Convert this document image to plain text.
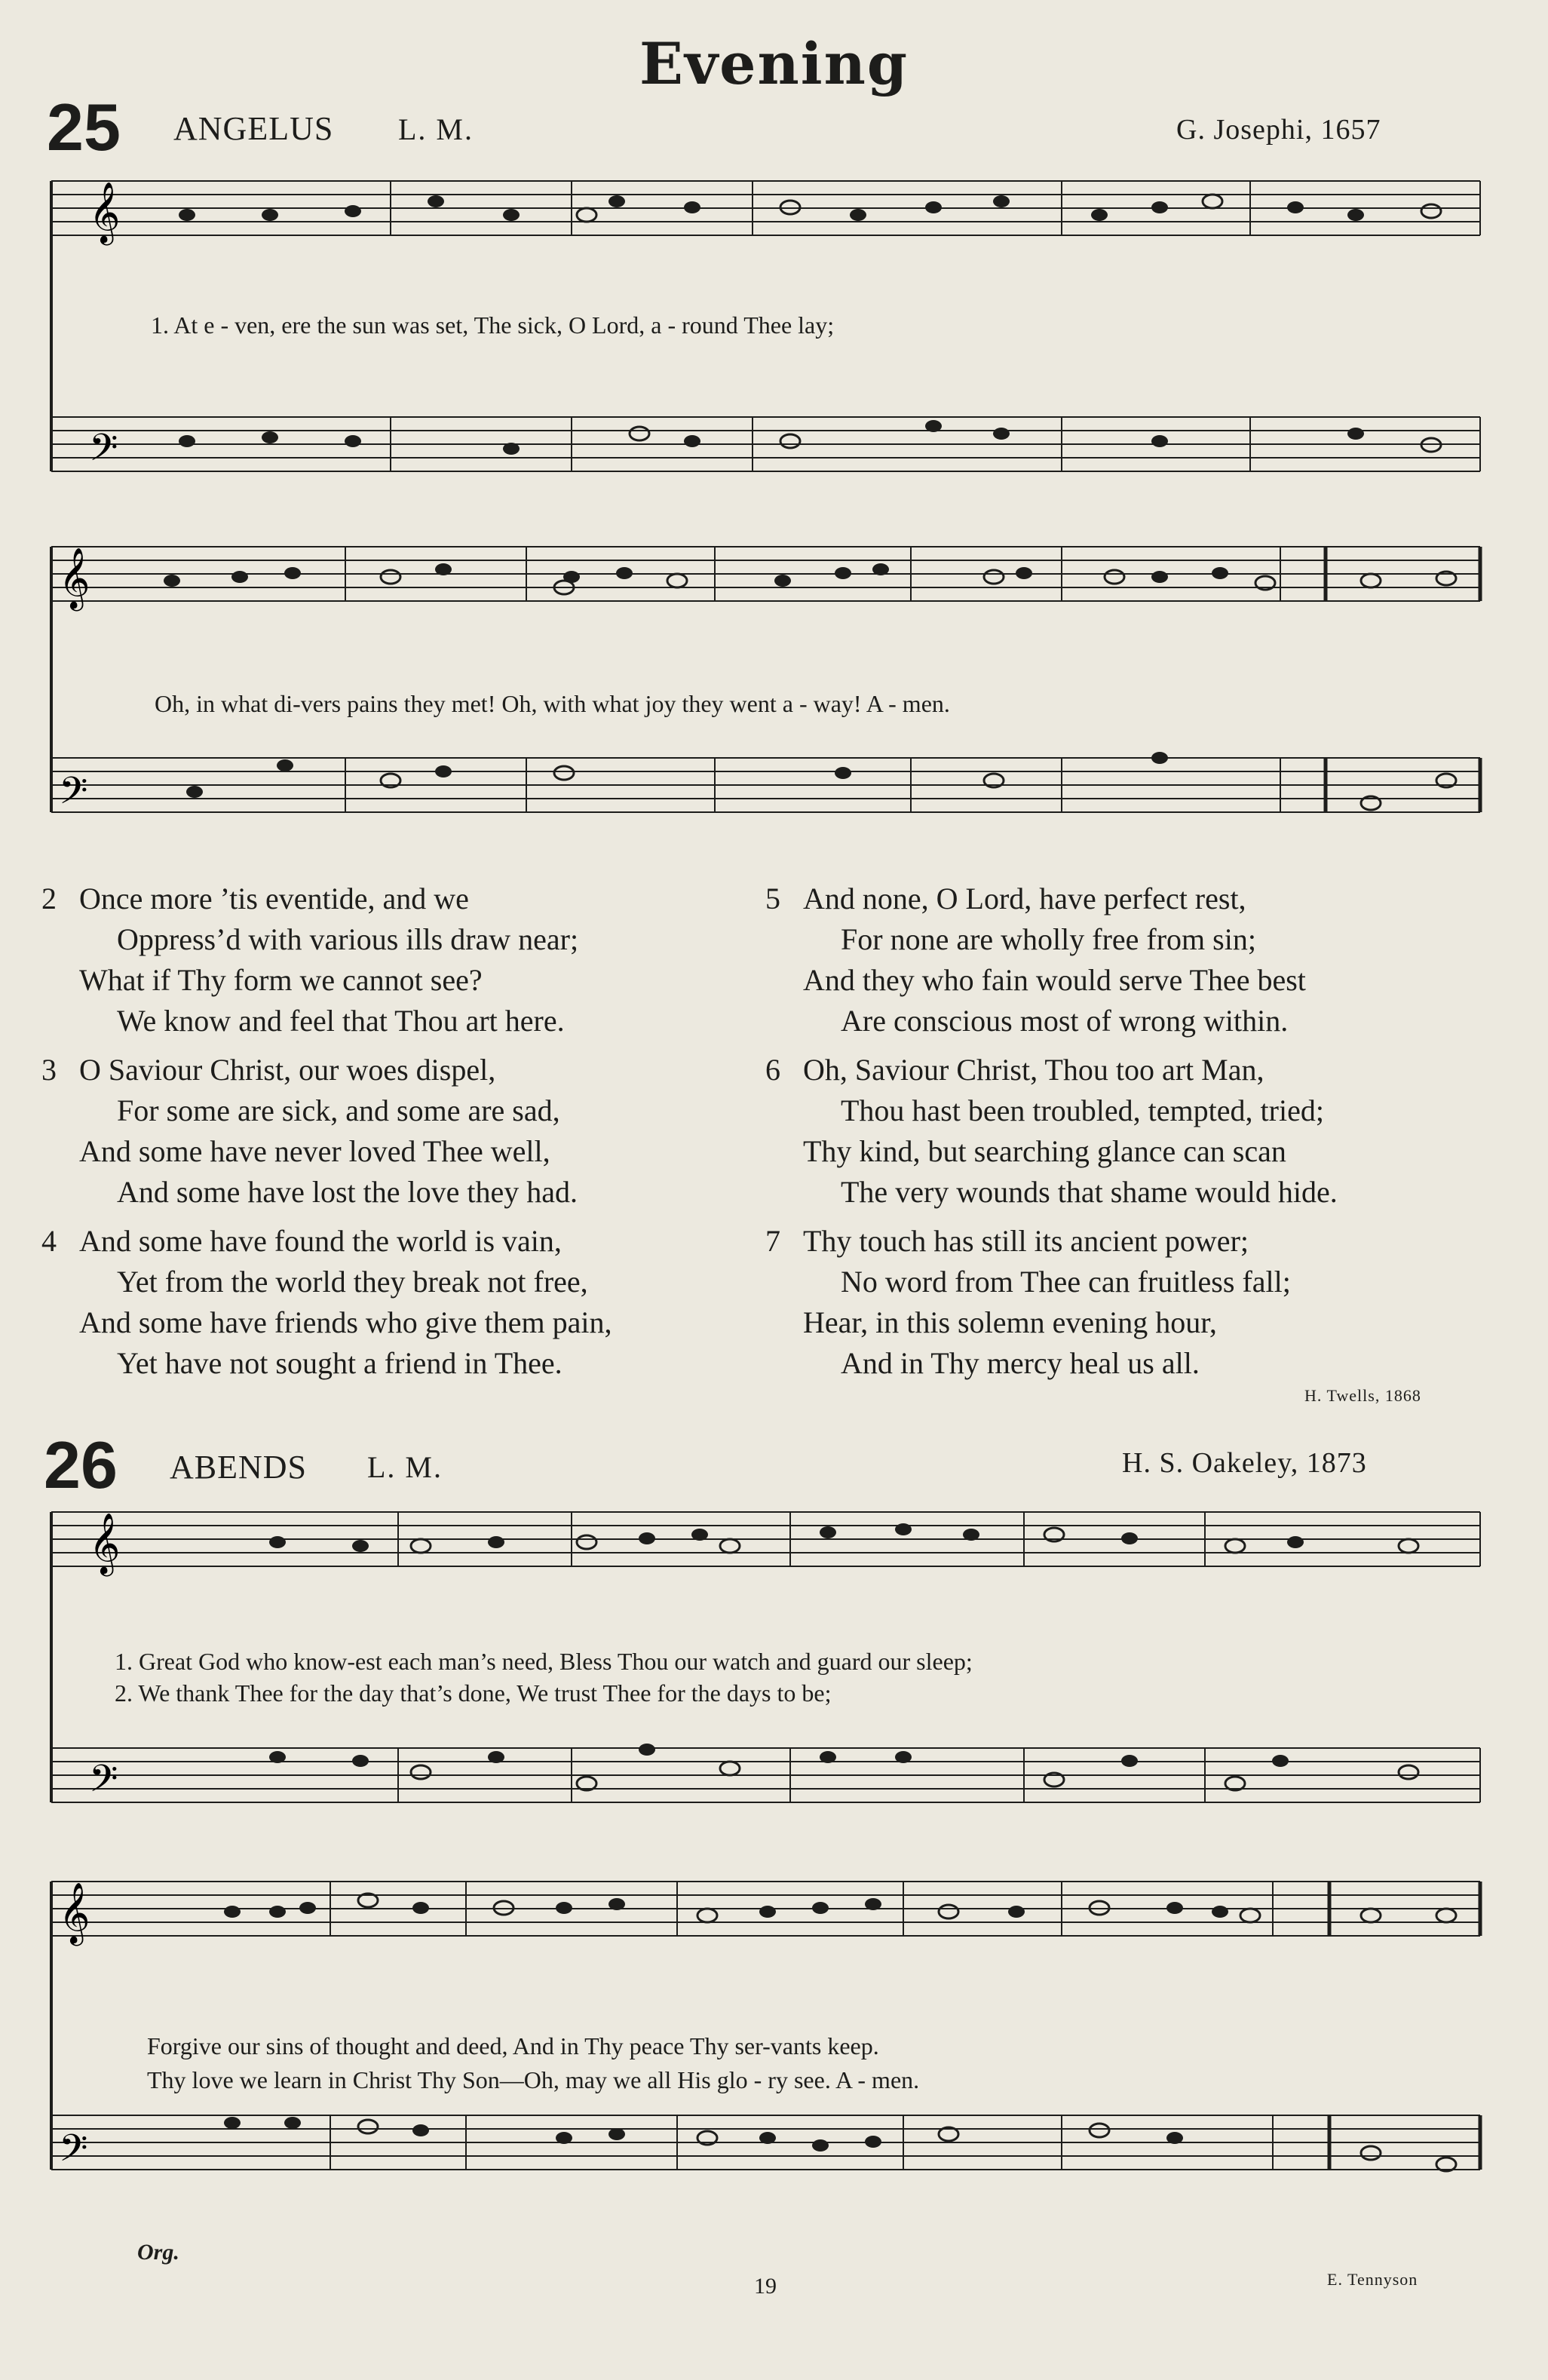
Evening
25 ANGELUS L. M.	G. Josephi, 1657
𝄞
𝄢
1. At e - ven, ere the sun was set, The sick, O Lord, a - round Thee lay;
𝄞
𝄢
Oh, in what di-vers pains they met! Oh, with what joy they went a - way! A - men.
2 Once more ’tis eventide, and we
Oppress’d with various ills draw near;
What if Thy form we cannot see?
We know and feel that Thou art here.
3 O Saviour Christ, our woes dispel,
For some are sick, and some are sad,
And some have never loved Thee well,
And some have lost the love they had.
4 And some have found the world is vain,
Yet from the world they break not free,
And some have friends who give them pain,
Yet have not sought a friend in Thee.
5 And none, O Lord, have perfect rest,
For none are wholly free from sin;
And they who fain would serve Thee best
Are conscious most of wrong within.
6 Oh, Saviour Christ, Thou too art Man,
Thou hast been troubled, tempted, tried;
Thy kind, but searching glance can scan
The very wounds that shame would hide.
7 Thy touch has still its ancient power;
No word from Thee can fruitless fall;
Hear, in this solemn evening hour,
And in Thy mercy heal us all.
H. Twells, 1868
26 ABENDS L. M.	H. S. Oakeley, 1873
𝄞
𝄢
1. Great God who know-est each man’s need, Bless Thou our watch and guard our sleep;
2. We thank Thee for the day that’s done, We trust Thee for the days to be;
𝄞
𝄢
Forgive our sins of thought and deed, And in Thy peace Thy ser-vants keep.
Thy love we learn in Christ Thy Son—Oh, may we all His glo - ry see. A - men.
Org.
19	E. Tennyson
